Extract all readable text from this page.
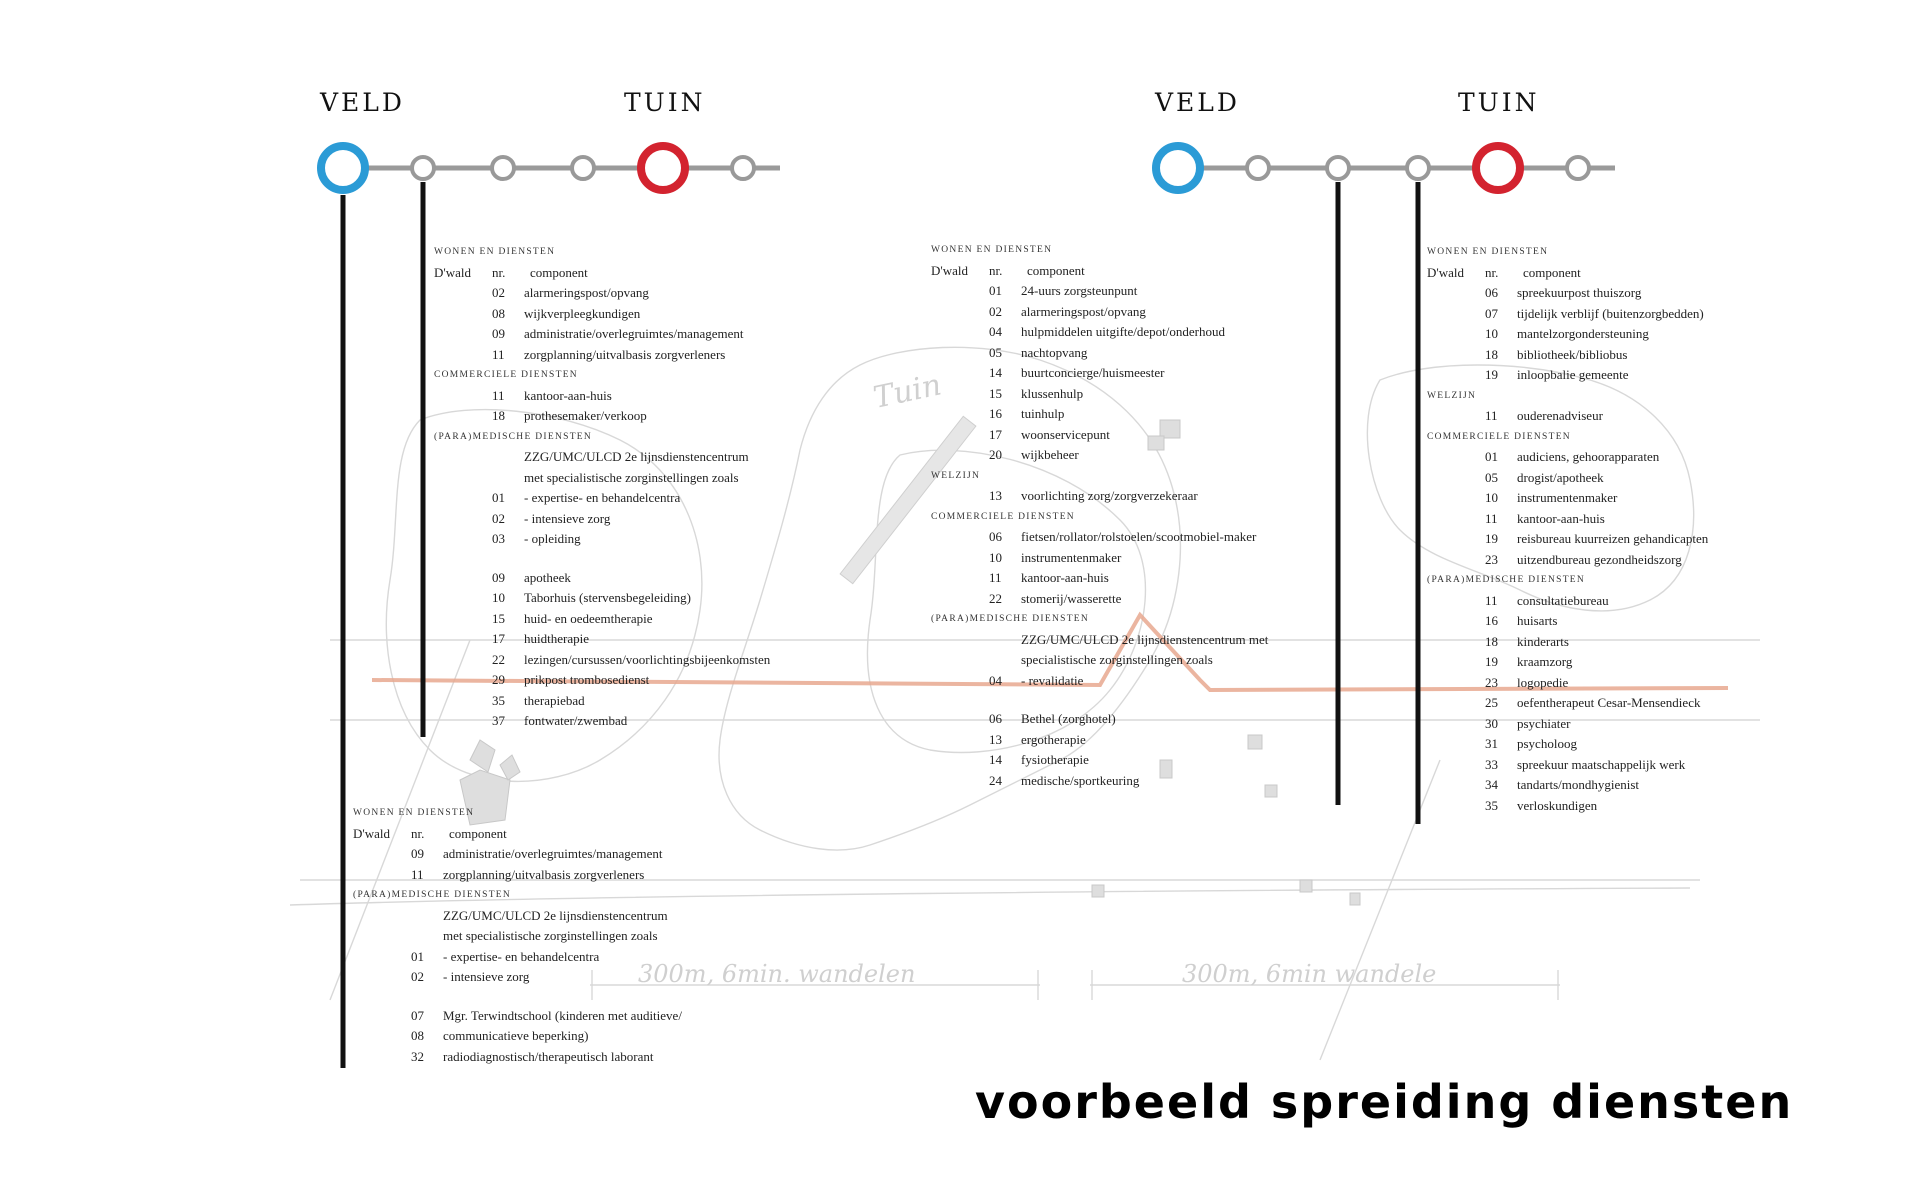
Tuin
300m, 6min. wandelen	300m, 6min wandele
VELD	TUIN	VELD	TUIN
WONEN EN DIENSTEN
D'wald nr. component
02	alarmeringspost/opvang
08	wijkverpleegkundigen
09	administratie/overlegruimtes/management
11	zorgplanning/uitvalbasis zorgverleners
COMMERCIELE DIENSTEN
11	kantoor-aan-huis
18	prothesemaker/verkoop
(PARA)MEDISCHE DIENSTEN
ZZG/UMC/ULCD 2e lijnsdienstencentrum
met specialistische zorginstellingen zoals
01	- expertise- en behandelcentra
02	- intensieve zorg
03	- opleiding
09	apotheek
10	Taborhuis (stervensbegeleiding)
15	huid- en oedeemtherapie
17	huidtherapie
22	lezingen/cursussen/voorlichtingsbijeenkomsten
29	prikpost trombosedienst
35	therapiebad
37	fontwater/zwembad
WONEN EN DIENSTEN
D'wald nr. component
09	administratie/overlegruimtes/management
11	zorgplanning/uitvalbasis zorgverleners
(PARA)MEDISCHE DIENSTEN
ZZG/UMC/ULCD 2e lijnsdienstencentrum
met specialistische zorginstellingen zoals
01	- expertise- en behandelcentra
02	- intensieve zorg
07	Mgr. Terwindtschool (kinderen met auditieve/
08	communicatieve beperking)
32	radiodiagnostisch/therapeutisch laborant
WONEN EN DIENSTEN
D'wald nr. component
01	24-uurs zorgsteunpunt
02	alarmeringspost/opvang
04	hulpmiddelen uitgifte/depot/onderhoud
05	nachtopvang
14	buurtconcierge/huismeester
15	klussenhulp
16	tuinhulp
17	woonservicepunt
20	wijkbeheer
WELZIJN
13	voorlichting zorg/zorgverzekeraar
COMMERCIELE DIENSTEN
06	fietsen/rollator/rolstoelen/scootmobiel-maker
10	instrumentenmaker
11	kantoor-aan-huis
22	stomerij/wasserette
(PARA)MEDISCHE DIENSTEN
ZZG/UMC/ULCD 2e lijnsdienstencentrum met
specialistische zorginstellingen zoals
04	- revalidatie
06	Bethel (zorghotel)
13	ergotherapie
14	fysiotherapie
24	medische/sportkeuring
WONEN EN DIENSTEN
D'wald nr. component
06	spreekuurpost thuiszorg
07	tijdelijk verblijf (buitenzorgbedden)
10	mantelzorgondersteuning
18	bibliotheek/bibliobus
19	inloopbalie gemeente
WELZIJN
11	ouderenadviseur
COMMERCIELE DIENSTEN
01	audiciens, gehoorapparaten
05	drogist/apotheek
10	instrumentenmaker
11	kantoor-aan-huis
19	reisbureau kuurreizen gehandicapten
23	uitzendbureau gezondheidszorg
(PARA)MEDISCHE DIENSTEN
11	consultatiebureau
16	huisarts
18	kinderarts
19	kraamzorg
23	logopedie
25	oefentherapeut Cesar-Mensendieck
30	psychiater
31	psycholoog
33	spreekuur maatschappelijk werk
34	tandarts/mondhygienist
35	verloskundigen
voorbeeld spreiding diensten
